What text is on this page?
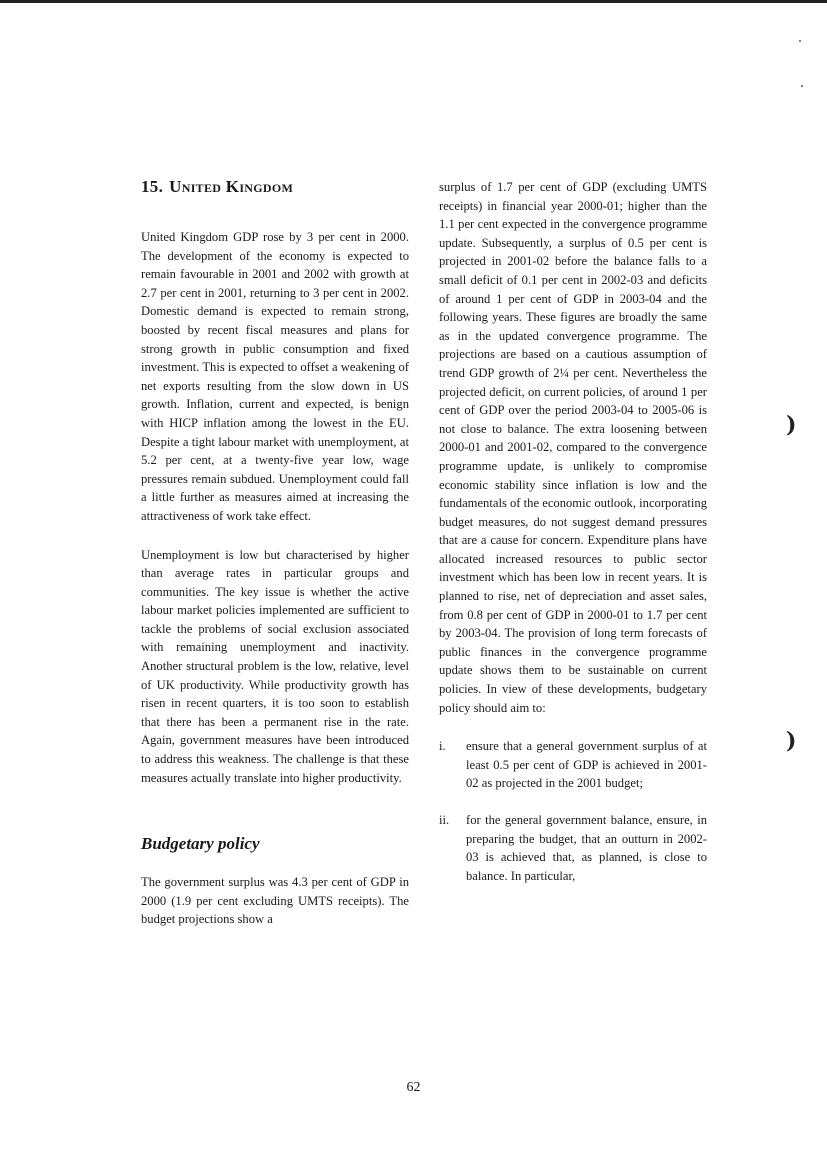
15. United Kingdom

United Kingdom GDP rose by 3 per cent in 2000. The development of the economy is expected to remain favourable in 2001 and 2002 with growth at 2.7 per cent in 2001, returning to 3 per cent in 2002. Domestic demand is expected to remain strong, boosted by recent fiscal measures and plans for strong growth in public consumption and fixed investment. This is expected to offset a weakening of net exports resulting from the slow down in US growth. Inflation, current and expected, is benign with HICP inflation among the lowest in the EU. Despite a tight labour market with unemployment, at 5.2 per cent, at a twenty-five year low, wage pressures remain subdued. Unemployment could fall a little further as measures aimed at increasing the attractiveness of work take effect.

Unemployment is low but characterised by higher than average rates in particular groups and communities. The key issue is whether the active labour market policies implemented are sufficient to tackle the problems of social exclusion associated with remaining unemployment and inactivity. Another structural problem is the low, relative, level of UK productivity. While productivity growth has risen in recent quarters, it is too soon to establish that there has been a permanent rise in the rate. Again, government measures have been introduced to address this weakness. The challenge is that these measures actually translate into higher productivity.

Budgetary policy

The government surplus was 4.3 per cent of GDP in 2000 (1.9 per cent excluding UMTS receipts). The budget projections show a

surplus of 1.7 per cent of GDP (excluding UMTS receipts) in financial year 2000-01; higher than the 1.1 per cent expected in the convergence programme update. Subsequently, a surplus of 0.5 per cent is projected in 2001-02 before the balance falls to a small deficit of 0.1 per cent in 2002-03 and deficits of around 1 per cent of GDP in 2003-04 and the following years. These figures are broadly the same as in the updated convergence programme. The projections are based on a cautious assumption of trend GDP growth of 2¼ per cent. Nevertheless the projected deficit, on current policies, of around 1 per cent of GDP over the period 2003-04 to 2005-06 is not close to balance. The extra loosening between 2000-01 and 2001-02, compared to the convergence programme update, is unlikely to compromise economic stability since inflation is low and the fundamentals of the economic outlook, incorporating budget measures, do not suggest demand pressures that are a cause for concern. Expenditure plans have allocated increased resources to public sector investment which has been low in recent years. It is planned to rise, net of depreciation and asset sales, from 0.8 per cent of GDP in 2000-01 to 1.7 per cent by 2003-04. The provision of long term forecasts of public finances in the convergence programme update shows them to be sustainable on current policies. In view of these developments, budgetary policy should aim to:

i. ensure that a general government surplus of at least 0.5 per cent of GDP is achieved in 2001-02 as projected in the 2001 budget;
ii. for the general government balance, ensure, in preparing the budget, that an outturn in 2002-03 is achieved that, as planned, is close to balance. In particular,
)
)
62
